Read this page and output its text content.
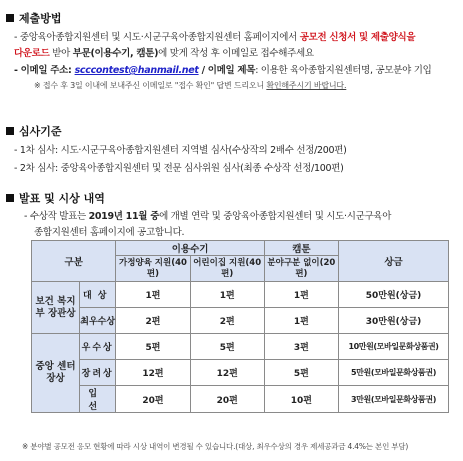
제출방법
- 중앙육아종합지원센터 및 시도·시군구육아종합지원센터 홈페이지에서 공모전 신청서 및 제출양식을
다운로드 받아 부문(이용수기, 캠툰)에 맞게 작성 후 이메일로 접수해주세요
- 이메일 주소: scccontest@hanmail.net / 이메일 제목: 이용한 육아종합지원센터명, 공모분야 기입
※ 접수 후 3일 이내에 보내주신 이메일로 "접수 확인" 답변 드리오니 확인해주시기 바랍니다.
심사기준
- 1차 심사: 시도·시군구육아종합지원센터 지역별 심사(수상작의 2배수 선정/200편)
- 2차 심사: 중앙육아종합지원센터 및 전문 심사위원 심사(최종 수상작 선정/100편)
발표 및 시상 내역
- 수상작 발표는 2019년 11월 중에 개별 연락 및 중앙육아종합지원센터 및 시도·시군구육아
구분		이용수기		캠툰	상금
		가정양육 지원(40편)	어린이집 지원(40편)	분야구분 없이(20편)	
보건 복지부 장관상	대상	1편	1편	1편	50만원(상금)
	최우수상	2편	2편	1편	30만원(상금)
중앙 센터장상	우수상	5편	5편	3편	10만원(모바일문화상품권)
	장려상	12편	12편	5편	5만원(모바일문화상품권)
	입선	20편	20편	10편	3만원(모바일문화상품권)
종합지원센터 홈페이지에 공고합니다.
※ 분야별 공모전 응모 현황에 따라 시상 내역이 변경될 수 있습니다.(대상, 최우수상의 경우 제세공과금 4.4%는 본인 부담)
